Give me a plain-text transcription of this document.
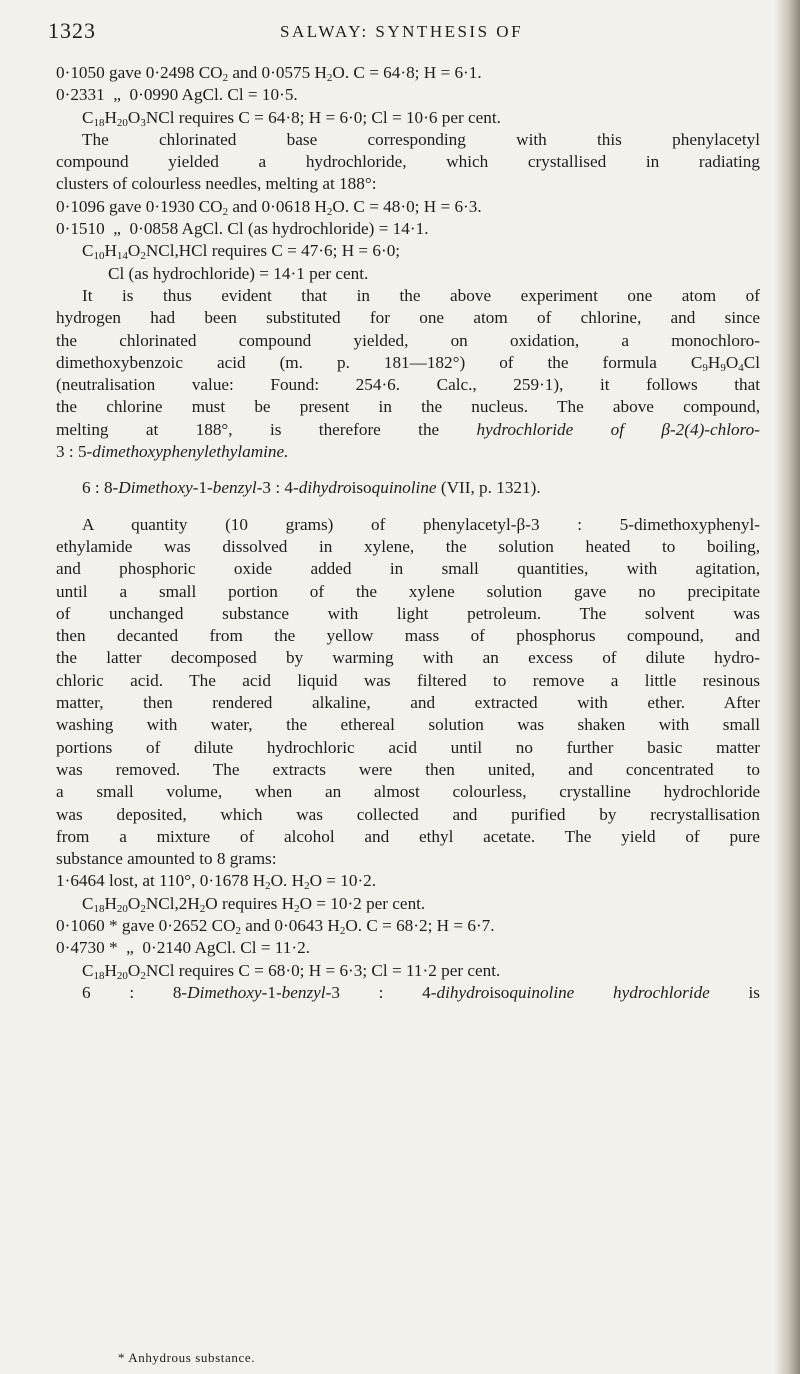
1323	SALWAY: SYNTHESIS OF
0·1050 gave 0·2498 $CO_2$ and 0·0575 $H_2O$. C = 64·8; H = 6·1.
0·2331  „  0·0990 AgCl. Cl = 10·5.
$C_{18}H_{20}O_3NCl$ requires C = 64·8; H = 6·0; Cl = 10·6 per cent.
The chlorinated base corresponding with this phenylacetyl
compound yielded a hydrochloride, which crystallised in radiating
clusters of colourless needles, melting at 188°:
0·1096 gave 0·1930 $CO_2$ and 0·0618 $H_2O$. C = 48·0; H = 6·3.
0·1510  „  0·0858 AgCl. Cl (as hydrochloride) = 14·1.
$C_{10}H_{14}O_2NCl,HCl$ requires C = 47·6; H = 6·0;
Cl (as hydrochloride) = 14·1 per cent.
It is thus evident that in the above experiment one atom of
hydrogen had been substituted for one atom of chlorine, and since
the chlorinated compound yielded, on oxidation, a monochloro-
dimethoxybenzoic acid (m. p. 181—182°) of the formula $C_9H_9O_4Cl$
(neutralisation value: Found: 254·6. Calc., 259·1), it follows that
the chlorine must be present in the nucleus. The above compound,
melting at 188°, is therefore the hydrochloride of β-2(4)-chloro-
3 : 5-dimethoxyphenylethylamine.
6 : 8-Dimethoxy-1-benzyl-3 : 4-dihydroisoquinoline (VII, p. 1321).
A quantity (10 grams) of phenylacetyl-β-3 : 5-dimethoxyphenyl-
ethylamide was dissolved in xylene, the solution heated to boiling,
and phosphoric oxide added in small quantities, with agitation,
until a small portion of the xylene solution gave no precipitate
of unchanged substance with light petroleum. The solvent was
then decanted from the yellow mass of phosphorus compound, and
the latter decomposed by warming with an excess of dilute hydro-
chloric acid. The acid liquid was filtered to remove a little resinous
matter, then rendered alkaline, and extracted with ether. After
washing with water, the ethereal solution was shaken with small
portions of dilute hydrochloric acid until no further basic matter
was removed. The extracts were then united, and concentrated to
a small volume, when an almost colourless, crystalline hydrochloride
was deposited, which was collected and purified by recrystallisation
from a mixture of alcohol and ethyl acetate. The yield of pure
substance amounted to 8 grams:
1·6464 lost, at 110°, 0·1678 $H_2O$. $H_2O = 10\cdot 2$.
$C_{18}H_{20}O_2NCl,2H_2O$ requires $H_2O = 10\cdot 2$ per cent.
0·1060 * gave 0·2652 $CO_2$ and 0·0643 $H_2O$. C = 68·2; H = 6·7.
0·4730 *  „  0·2140 AgCl. Cl = 11·2.
$C_{18}H_{20}O_2NCl$ requires C = 68·0; H = 6·3; Cl = 11·2 per cent.
6 : 8-Dimethoxy-1-benzyl-3 : 4-dihydroisoquinoline hydrochloride is
* Anhydrous substance.
